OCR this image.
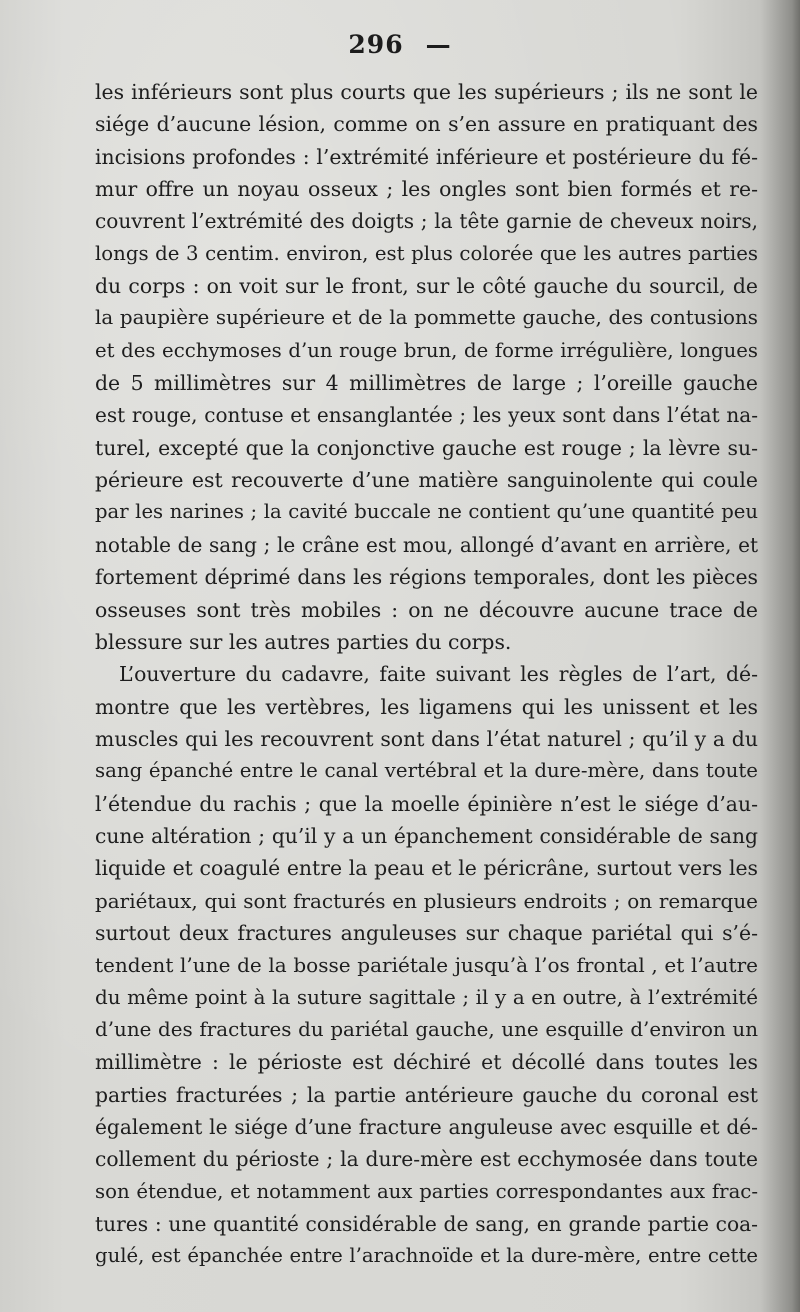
296 —
les inférieurs sont plus courts que les supérieurs ; ils ne sont le
siége d’aucune lésion, comme on s’en assure en pratiquant des
incisions profondes : l’extrémité inférieure et postérieure du fé-
mur offre un noyau osseux ; les ongles sont bien formés et re-
couvrent l’extrémité des doigts ; la tête garnie de cheveux noirs,
longs de 3 centim. environ, est plus colorée que les autres parties
du corps : on voit sur le front, sur le côté gauche du sourcil, de
la paupière supérieure et de la pommette gauche, des contusions
et des ecchymoses d’un rouge brun, de forme irrégulière, longues
de 5 millimètres sur 4 millimètres de large ; l’oreille gauche
est rouge, contuse et ensanglantée ; les yeux sont dans l’état na-
turel, excepté que la conjonctive gauche est rouge ; la lèvre su-
périeure est recouverte d’une matière sanguinolente qui coule
par les narines ; la cavité buccale ne contient qu’une quantité peu
notable de sang ; le crâne est mou, allongé d’avant en arrière, et
fortement déprimé dans les régions temporales, dont les pièces
osseuses sont très mobiles : on ne découvre aucune trace de
blessure sur les autres parties du corps.
L’ouverture du cadavre, faite suivant les règles de l’art, dé-
montre que les vertèbres, les ligamens qui les unissent et les
muscles qui les recouvrent sont dans l’état naturel ; qu’il y a du
sang épanché entre le canal vertébral et la dure-mère, dans toute
l’étendue du rachis ; que la moelle épinière n’est le siége d’au-
cune altération ; qu’il y a un épanchement considérable de sang
liquide et coagulé entre la peau et le péricrâne, surtout vers les
pariétaux, qui sont fracturés en plusieurs endroits ; on remarque
surtout deux fractures anguleuses sur chaque pariétal qui s’é-
tendent l’une de la bosse pariétale jusqu’à l’os frontal , et l’autre
du même point à la suture sagittale ; il y a en outre, à l’extrémité
d’une des fractures du pariétal gauche, une esquille d’environ un
millimètre : le périoste est déchiré et décollé dans toutes les
parties fracturées ; la partie antérieure gauche du coronal est
également le siége d’une fracture anguleuse avec esquille et dé-
collement du périoste ; la dure-mère est ecchymosée dans toute
son étendue, et notamment aux parties correspondantes aux frac-
tures : une quantité considérable de sang, en grande partie coa-
gulé, est épanchée entre l’arachnoïde et la dure-mère, entre cette
